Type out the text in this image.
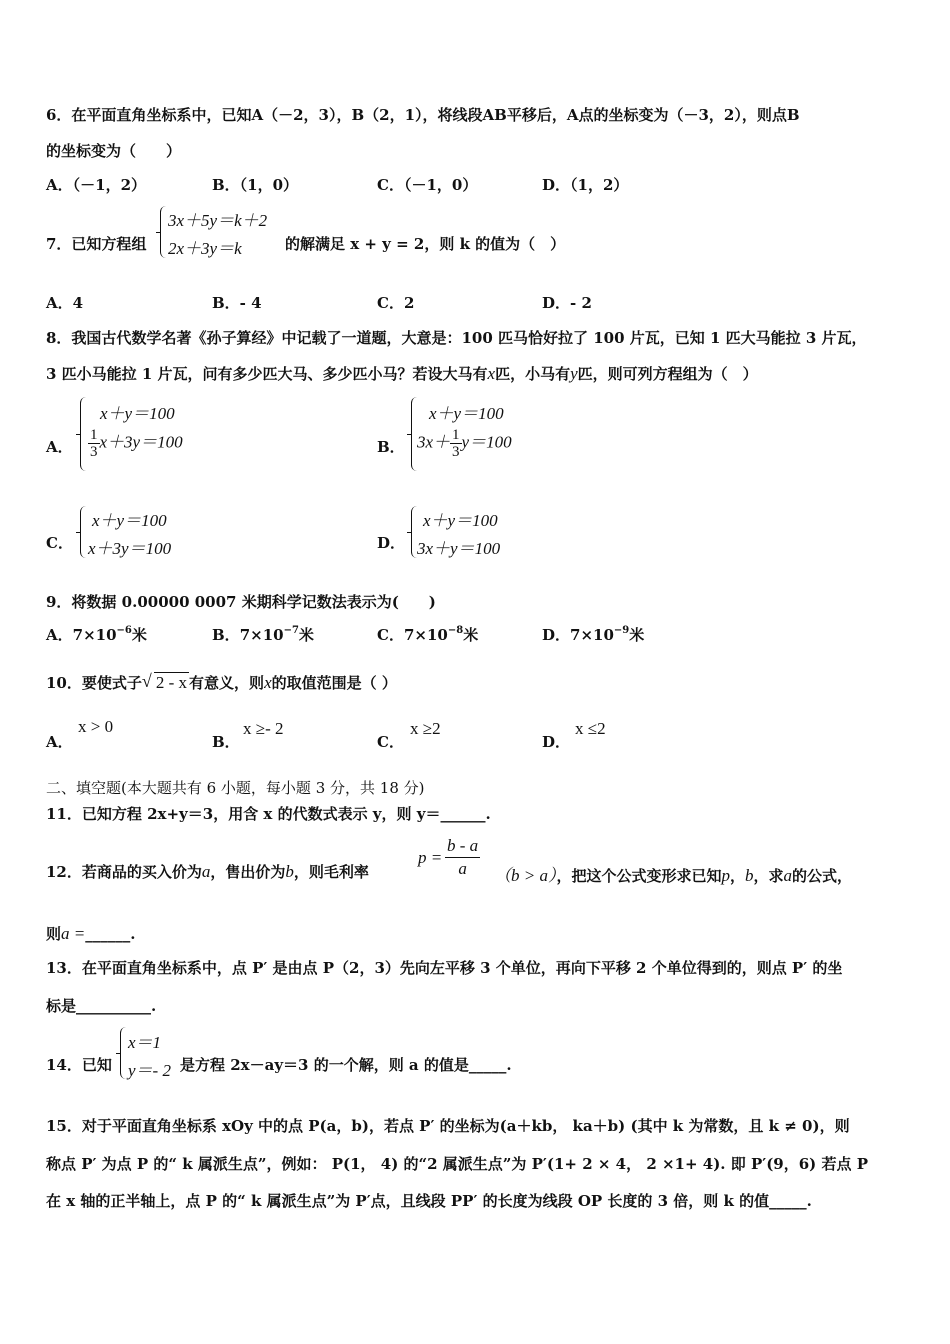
6．在平面直角坐标系中，已知A（－2，3），B（2，1），将线段AB平移后，A点的坐标变为（－3，2），则点B
的坐标变为（　　）
A．（－1，2）	B．（1，0）	C．（－1，0）	D．（1，2）
7．已知方程组
3x＋5y＝k＋2
2x＋3y＝k	的解满足 x + y = 2，则 k 的值为（　）
A．4	B．- 4	C．2	D．- 2
8．我国古代数学名著《孙子算经》中记载了一道题，大意是：100 匹马恰好拉了 100 片瓦，已知 1 匹大马能拉 3 片瓦，
3 匹小马能拉 1 片瓦，问有多少匹大马、多少匹小马？若设大马有x匹，小马有y匹，则可列方程组为（　）
A．
x＋y＝100
$\frac{1}{3} x+3y=100$	B．
x＋y＝100
$3x+ \frac{1}{3} y=100$
C．
x＋y＝100
x＋3y＝100	D．
x＋y＝100
3x＋y＝100
9．将数据 0.00000 0007 米期科学记数法表示为(　　)
A．$7\times 10^{-6}$米	B．$7\times 10^{-7}$米	C．$7\times 10^{-8}$米	D．$7\times 10^{-9}$米
10．要使式子 √ 2 - x 有意义，则x的取值范围是（ ）
A．
x > 0
B．
x ≥- 2
C．
x ≥2
D．
x ≤2
二、填空题(本大题共有 6 小题，每小题 3 分，共 18 分)
11．已知方程 2x+y＝3，用含 x 的代数式表示 y，则 y＝______.
12．若商品的买入价为a，售出价为b，则毛利率
$p = \frac{b - a}{a} (b > a)$，把这个公式变形求已知p，b，求a的公式，
则a =______.
13．在平面直角坐标系中，点 P′ 是由点 P（2，3）先向左平移 3 个单位，再向下平移 2 个单位得到的，则点 P′ 的坐
标是__________.
14．已知
x＝1
y＝- 2 是方程 2x－ay＝3 的一个解，则 a 的值是_____.
15．对于平面直角坐标系 xOy 中的点 P(a，b)，若点 P′ 的坐标为(a＋kb， ka＋b) (其中 k 为常数，且 k ≠ 0)，则
称点 P′ 为点 P 的“ k 属派生点”，例如： P(1， 4) 的“2 属派生点”为 P′(1+ 2 × 4， 2 ×1+ 4). 即 P′(9，6) 若点 P
在 x 轴的正半轴上，点 P 的“ k 属派生点”为 P′点，且线段 PP′ 的长度为线段 OP 长度的 3 倍，则 k 的值_____.
